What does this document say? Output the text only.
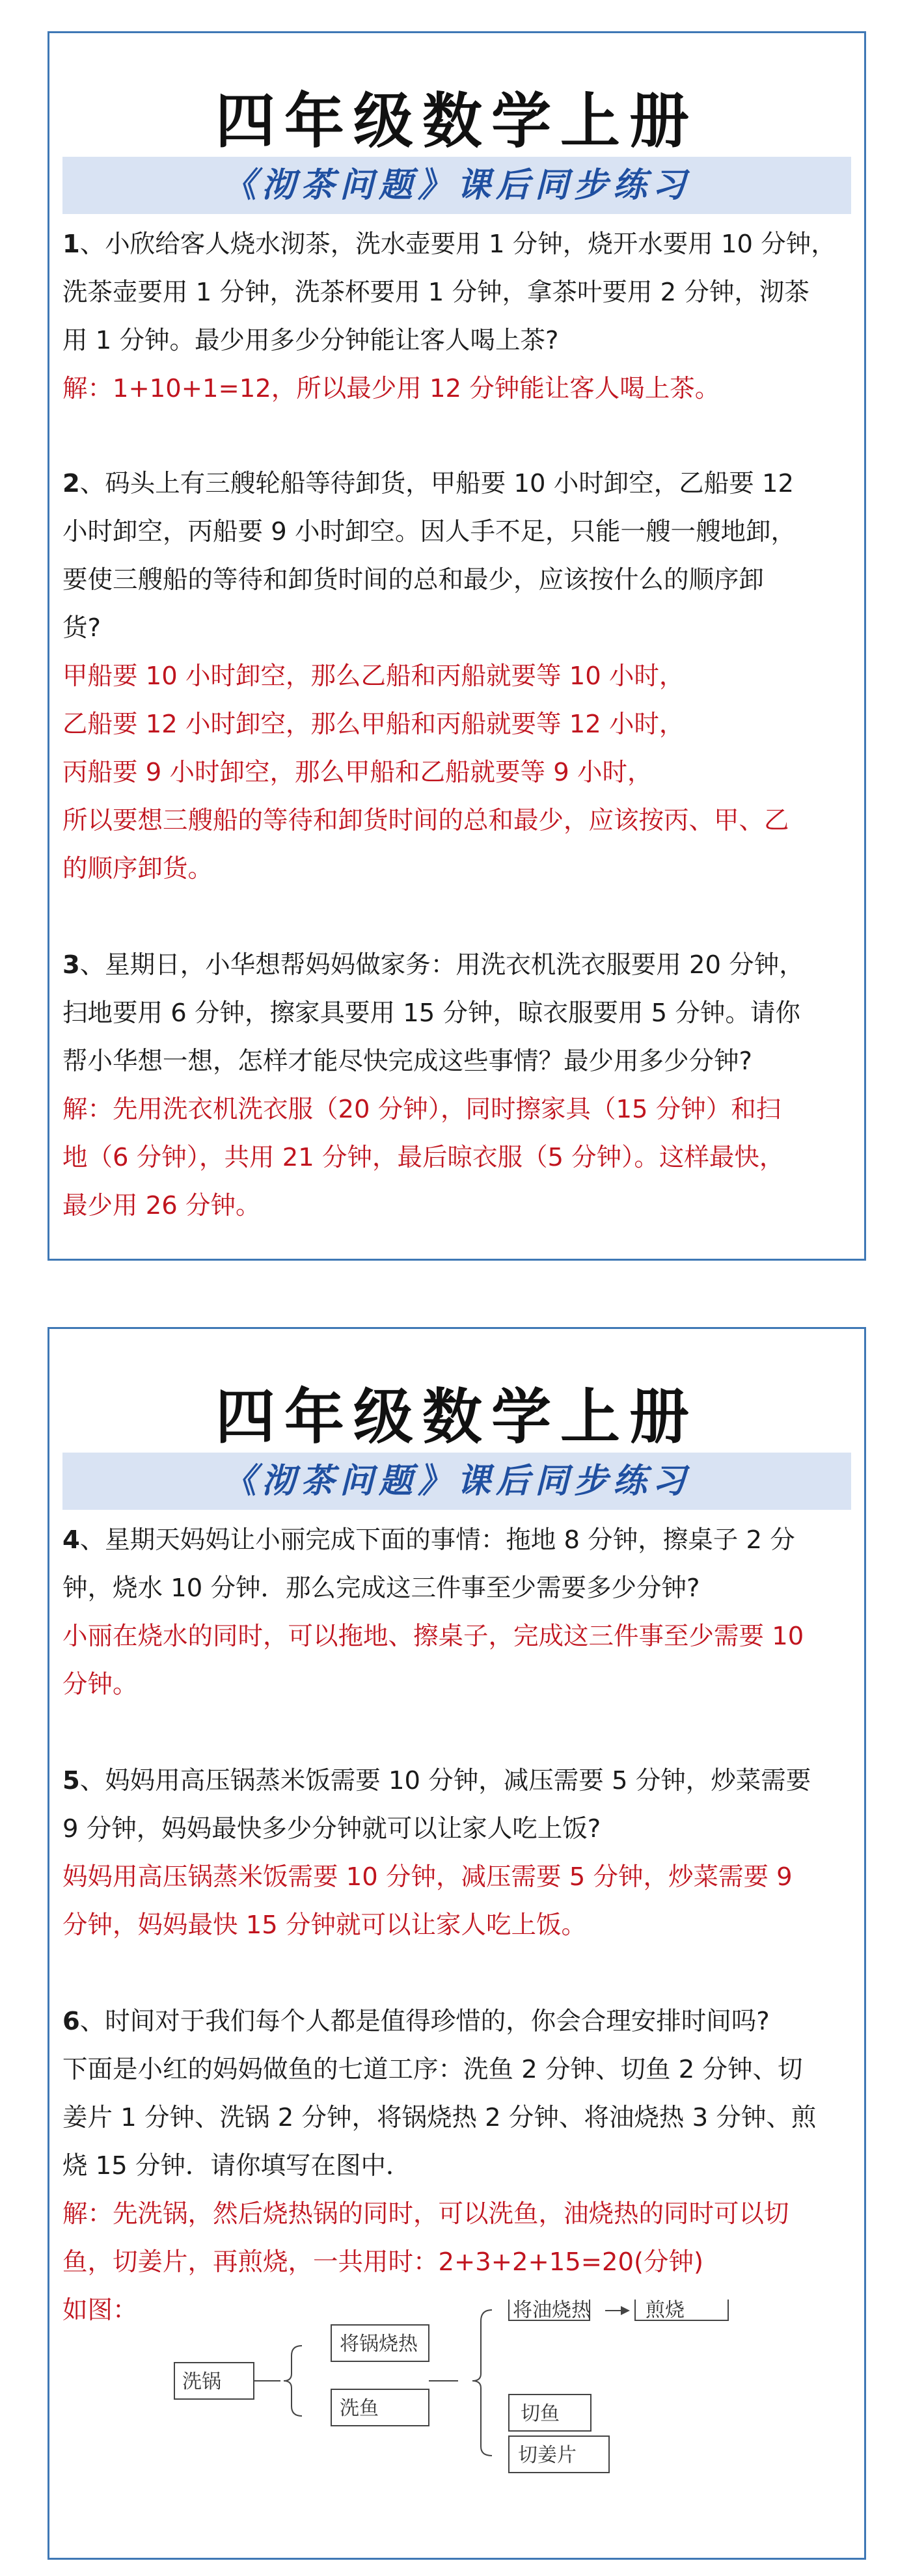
四年级数学上册
《沏茶问题》课后同步练习
1、小欣给客人烧水沏茶，洗水壶要用 1 分钟，烧开水要用 10 分钟，
洗茶壶要用 1 分钟，洗茶杯要用 1 分钟，拿茶叶要用 2 分钟，沏茶
用 1 分钟。最少用多少分钟能让客人喝上茶?
解：1+10+1=12，所以最少用 12 分钟能让客人喝上茶。
2、码头上有三艘轮船等待卸货，甲船要 10 小时卸空，乙船要 12
小时卸空，丙船要 9 小时卸空。因人手不足，只能一艘一艘地卸，
要使三艘船的等待和卸货时间的总和最少，应该按什么的顺序卸
货?
甲船要 10 小时卸空，那么乙船和丙船就要等 10 小时，
乙船要 12 小时卸空，那么甲船和丙船就要等 12 小时，
丙船要 9 小时卸空，那么甲船和乙船就要等 9 小时，
所以要想三艘船的等待和卸货时间的总和最少，应该按丙、甲、乙
的顺序卸货。
3、星期日，小华想帮妈妈做家务：用洗衣机洗衣服要用 20 分钟，
扫地要用 6 分钟，擦家具要用 15 分钟，晾衣服要用 5 分钟。请你
帮小华想一想，怎样才能尽快完成这些事情？最少用多少分钟?
解：先用洗衣机洗衣服（20 分钟），同时擦家具（15 分钟）和扫
地（6 分钟），共用 21 分钟，最后晾衣服（5 分钟）。这样最快，
最少用 26 分钟。
四年级数学上册
《沏茶问题》课后同步练习
4、星期天妈妈让小丽完成下面的事情：拖地 8 分钟，擦桌子 2 分
钟，烧水 10 分钟．那么完成这三件事至少需要多少分钟?
小丽在烧水的同时，可以拖地、擦桌子，完成这三件事至少需要 10
分钟。
5、妈妈用高压锅蒸米饭需要 10 分钟，减压需要 5 分钟，炒菜需要
9 分钟，妈妈最快多少分钟就可以让家人吃上饭?
妈妈用高压锅蒸米饭需要 10 分钟，减压需要 5 分钟，炒菜需要 9
分钟，妈妈最快 15 分钟就可以让家人吃上饭。
6、时间对于我们每个人都是值得珍惜的，你会合理安排时间吗?
下面是小红的妈妈做鱼的七道工序：洗鱼 2 分钟、切鱼 2 分钟、切
姜片 1 分钟、洗锅 2 分钟，将锅烧热 2 分钟、将油烧热 3 分钟、煎
烧 15 分钟．请你填写在图中．
解：先洗锅，然后烧热锅的同时，可以洗鱼，油烧热的同时可以切
鱼，切姜片，再煎烧，一共用时：2+3+2+15=20(分钟)
如图：
洗锅
将锅烧热
洗鱼
将油烧热	煎烧
切鱼
切姜片
